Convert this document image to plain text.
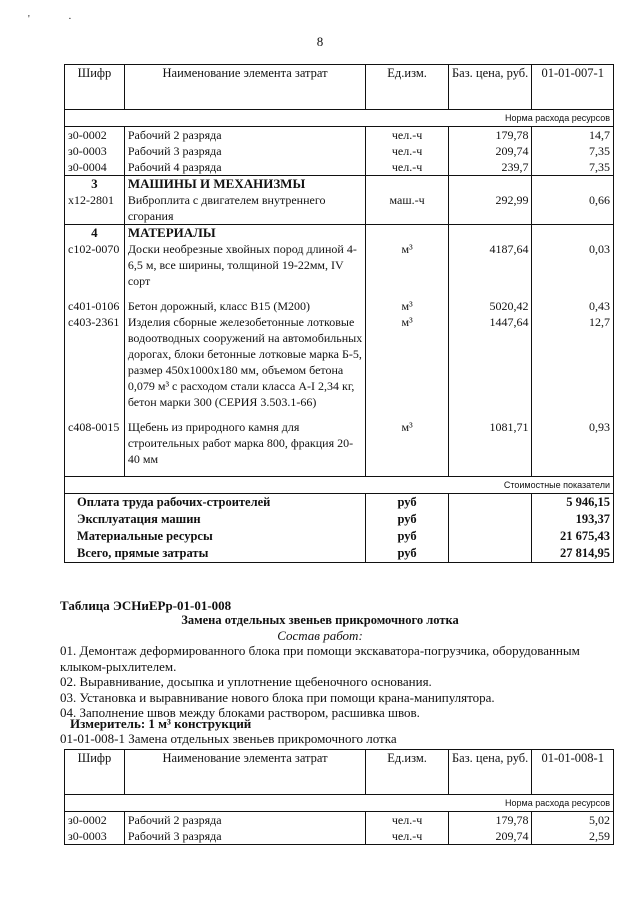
8
' ·
Шифр	Наименование элемента затрат	Ед.изм.	Баз. цена, руб.	01-01-007-1
Норма расхода ресурсов				
з0-0002	Рабочий 2 разряда	чел.-ч	179,78	14,7
з0-0003	Рабочий 3 разряда	чел.-ч	209,74	7,35
з0-0004	Рабочий 4 разряда	чел.-ч	239,7	7,35
3	МАШИНЫ И МЕХАНИЗМЫ			
х12-2801	Виброплита с двигателем внутреннего сгорания	маш.-ч	292,99	0,66
4	МАТЕРИАЛЫ			
с102-0070	Доски необрезные хвойных пород длиной 4-6,5 м, все ширины, толщиной 19-22мм, IV сорт	м³	4187,64	0,03

с401-0106	Бетон дорожный, класс В15 (М200)	м³	5020,42	0,43
с403-2361	Изделия сборные железобетонные лотковые водоотводных сооружений на автомобильных дорогах, блоки бетонные лотковые марка Б-5, размер 450х1000х180 мм, объемом бетона 0,079 м³ с расходом стали класса А-I 2,34 кг, бетон марки 300 (СЕРИЯ 3.503.1-66)	м³	1447,64	12,7

с408-0015	Щебень из природного камня для строительных работ марка 800, фракция 20-40 мм	м³	1081,71	0,93

Стоимостные показатели				
Оплата труда рабочих-строителей		руб		5 946,15
Эксплуатация машин		руб		193,37
Материальные ресурсы		руб		21 675,43
Всего, прямые затраты		руб		27 814,95
Таблица ЭСНиЕРр-01-01-008
Замена отдельных звеньев прикромочного лотка
Состав работ:
01. Демонтаж деформированного блока при помощи экскаватора-погрузчика, оборудованным клыком-рыхлителем.
02. Выравнивание, досыпка и уплотнение щебеночного основания.
03. Установка и выравнивание нового блока при помощи крана-манипулятора.
04. Заполнение швов между блоками раствором, расшивка швов.
Измеритель: 1 м³ конструкций
01-01-008-1 Замена отдельных звеньев прикромочного лотка
Шифр	Наименование элемента затрат	Ед.изм.	Баз. цена, руб.	01-01-008-1
Норма расхода ресурсов				
з0-0002	Рабочий 2 разряда	чел.-ч	179,78	5,02
з0-0003	Рабочий 3 разряда	чел.-ч	209,74	2,59
